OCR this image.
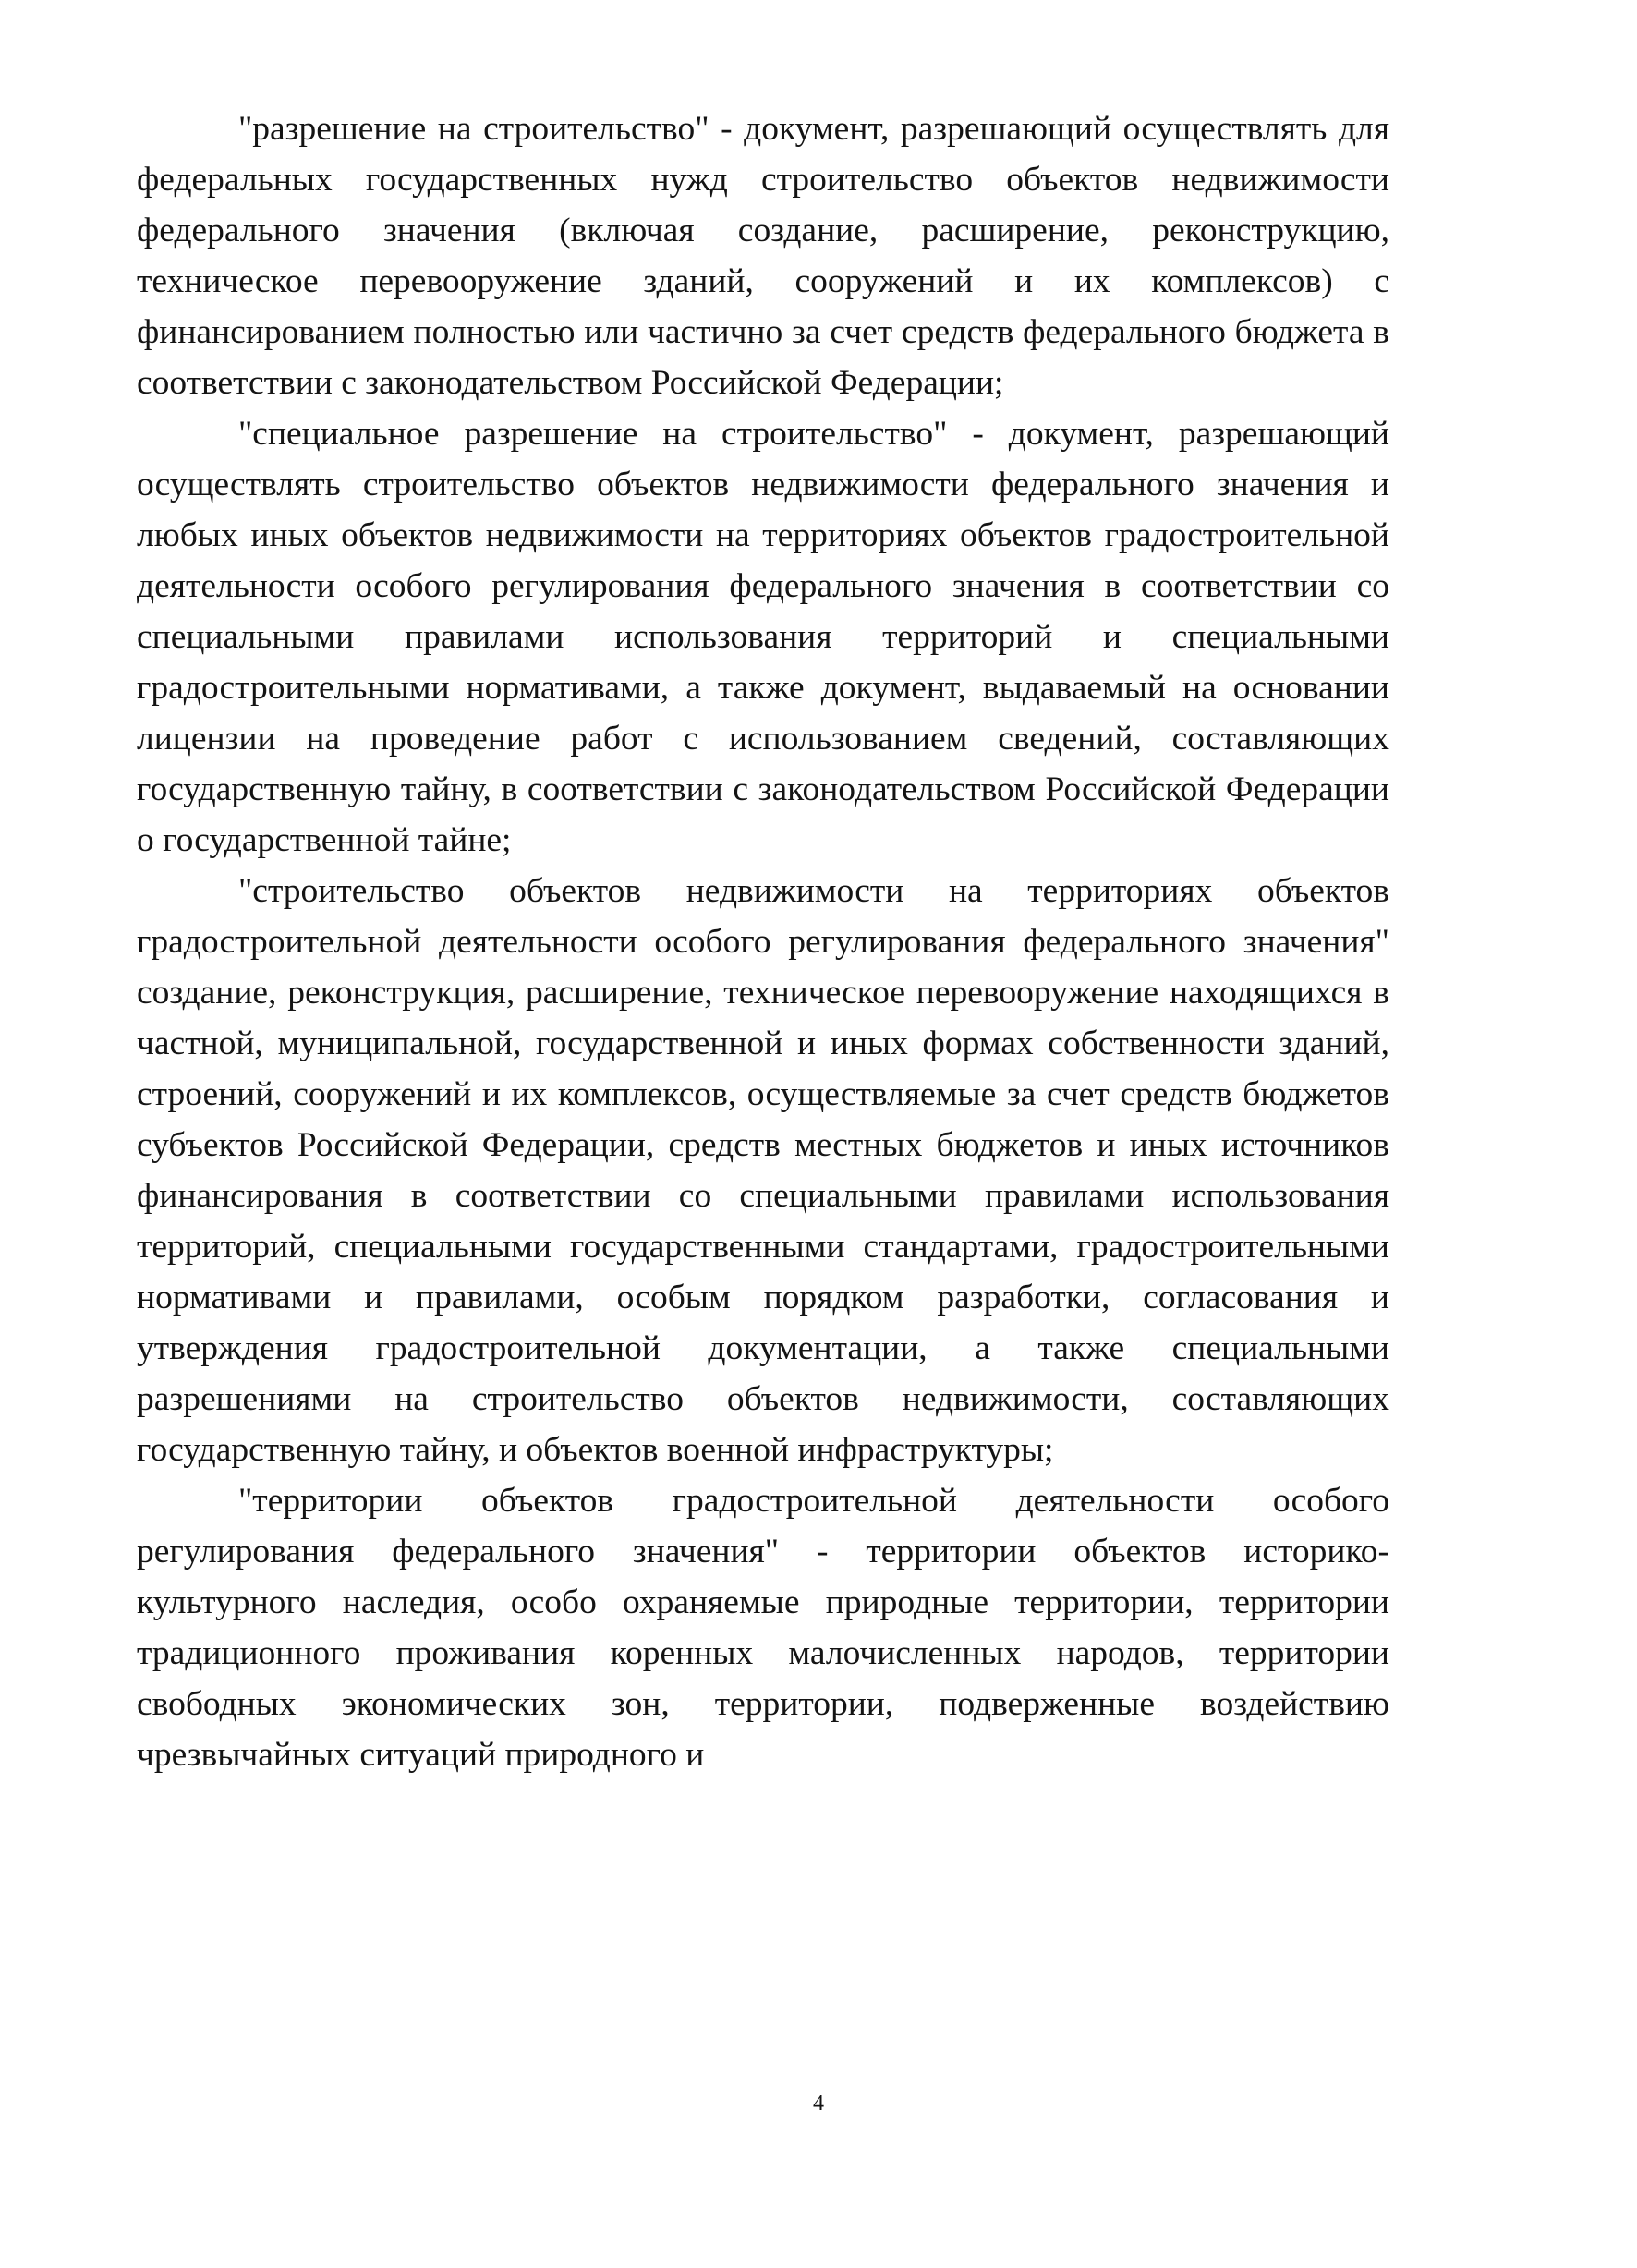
"разрешение на строительство" - документ, разрешающий осуществлять для федеральных государственных нужд строительство объектов недвижимости федерального значения (включая создание, расширение, реконструкцию, техническое перевооружение зданий, сооружений и их комплексов) с финансированием полностью или частично за счет средств федерального бюджета в соответствии с законодательством Российской Федерации;

"специальное разрешение на строительство" - документ, разрешающий осуществлять строительство объектов недвижимости федерального значения и любых иных объектов недвижимости на территориях объектов градостроительной деятельности особого регулирования федерального значения в соответствии со специальными правилами использования территорий и специальными градостроительными нормативами, а также документ, выдаваемый на основании лицензии на проведение работ с использованием сведений, составляющих государственную тайну, в соответствии с законодательством Российской Федерации о государственной тайне;

"строительство объектов недвижимости на территориях объектов градостроительной деятельности особого регулирования федерального значения" создание, реконструкция, расширение, техническое перевооружение находящихся в частной, муниципальной, государственной и иных формах собственности зданий, строений, сооружений и их комплексов, осуществляемые за счет средств бюджетов субъектов Российской Федерации, средств местных бюджетов и иных источников финансирования в соответствии со специальными правилами использования территорий, специальными государственными стандартами, градостроительными нормативами и правилами, особым порядком разработки, согласования и утверждения градостроительной документации, а также специальными разрешениями на строительство объектов недвижимости, составляющих государственную тайну, и объектов военной инфраструктуры;

"территории объектов градостроительной деятельности особого регулирования федерального значения" - территории объектов историко-культурного наследия, особо охраняемые природные территории, территории традиционного проживания коренных малочисленных народов, территории свободных экономических зон, территории, подверженные воздействию чрезвычайных ситуаций природного и

4
